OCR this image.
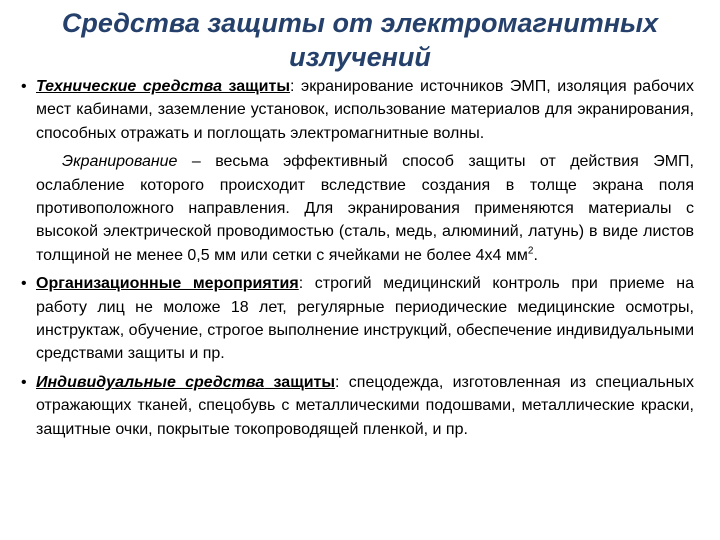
Средства защиты от электромагнитных излучений
• Технические средства защиты: экранирование источников ЭМП, изоляция рабочих мест кабинами, заземление установок, использование материалов для экранирования, способных отражать и поглощать электромагнитные волны.
Экранирование – весьма эффективный способ защиты от действия ЭМП, ослабление которого происходит вследствие создания в толще экрана поля противоположного направления. Для экранирования применяются материалы с высокой электрической проводимостью (сталь, медь, алюминий, латунь) в виде листов толщиной не менее 0,5 мм или сетки с ячейками не более 4х4 $мм^2$.
• Организационные мероприятия: строгий медицинский контроль при приеме на работу лиц не моложе 18 лет, регулярные периодические медицинские осмотры, инструктаж, обучение, строгое выполнение инструкций, обеспечение индивидуальными средствами защиты и пр.
• Индивидуальные средства защиты: спецодежда, изготовленная из специальных отражающих тканей, спецобувь с металлическими подошвами, металлические краски, защитные очки, покрытые токопроводящей пленкой, и пр.
